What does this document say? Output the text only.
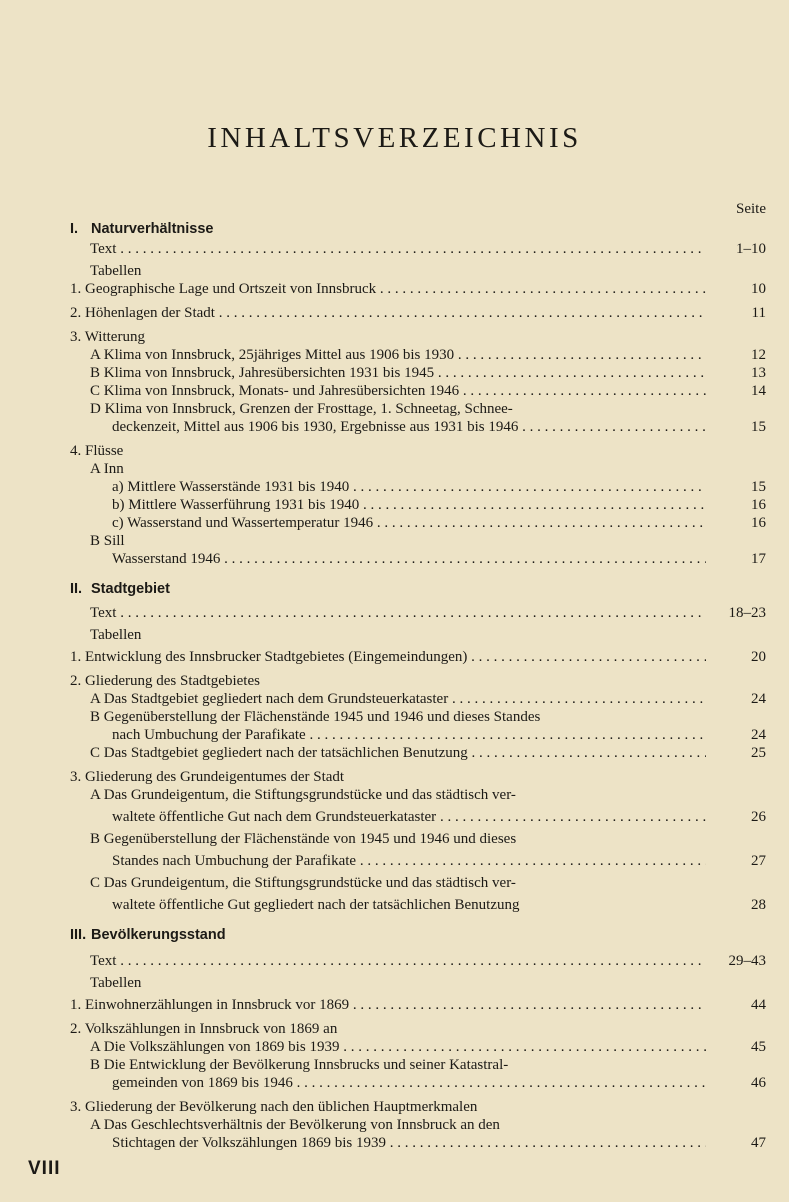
INHALTSVERZEICHNIS
Seite
I. Naturverhältnisse
Text . . .	1–10
Tabellen
1. Geographische Lage und Ortszeit von Innsbruck . . .	10
2. Höhenlagen der Stadt . . .	11
3. Witterung
A Klima von Innsbruck, 25jähriges Mittel aus 1906 bis 1930 . . .	12
B Klima von Innsbruck, Jahresübersichten 1931 bis 1945 . . .	13
C Klima von Innsbruck, Monats- und Jahresübersichten 1946 . . .	14
D Klima von Innsbruck, Grenzen der Frosttage, 1. Schneetag, Schnee-
deckenzeit, Mittel aus 1906 bis 1930, Ergebnisse aus 1931 bis 1946 . . .	15
4. Flüsse
A Inn
a) Mittlere Wasserstände 1931 bis 1940 . . .	15
b) Mittlere Wasserführung 1931 bis 1940 . . .	16
c) Wasserstand und Wassertemperatur 1946 . . .	16
B Sill
Wasserstand 1946 . . .	17
II. Stadtgebiet
Text . . .	18–23
Tabellen
1. Entwicklung des Innsbrucker Stadtgebietes (Eingemeindungen) . . .	20
2. Gliederung des Stadtgebietes
A Das Stadtgebiet gegliedert nach dem Grundsteuerkataster . . .	24
B Gegenüberstellung der Flächenstände 1945 und 1946 und dieses Standes
nach Umbuchung der Parafikate . . .	24
C Das Stadtgebiet gegliedert nach der tatsächlichen Benutzung . . .	25
3. Gliederung des Grundeigentumes der Stadt
A Das Grundeigentum, die Stiftungsgrundstücke und das städtisch ver-
waltete öffentliche Gut nach dem Grundsteuerkataster . . .	26
B Gegenüberstellung der Flächenstände von 1945 und 1946 und dieses
Standes nach Umbuchung der Parafikate . . .	27
C Das Grundeigentum, die Stiftungsgrundstücke und das städtisch ver-
waltete öffentliche Gut gegliedert nach der tatsächlichen Benutzung	28
III. Bevölkerungsstand
Text . . .	29–43
Tabellen
1. Einwohnerzählungen in Innsbruck vor 1869 . . .	44
2. Volkszählungen in Innsbruck von 1869 an
A Die Volkszählungen von 1869 bis 1939 . . .	45
B Die Entwicklung der Bevölkerung Innsbrucks und seiner Katastral-
gemeinden von 1869 bis 1946 . . .	46
3. Gliederung der Bevölkerung nach den üblichen Hauptmerkmalen
A Das Geschlechtsverhältnis der Bevölkerung von Innsbruck an den
Stichtagen der Volkszählungen 1869 bis 1939 . . .	47
VIII
